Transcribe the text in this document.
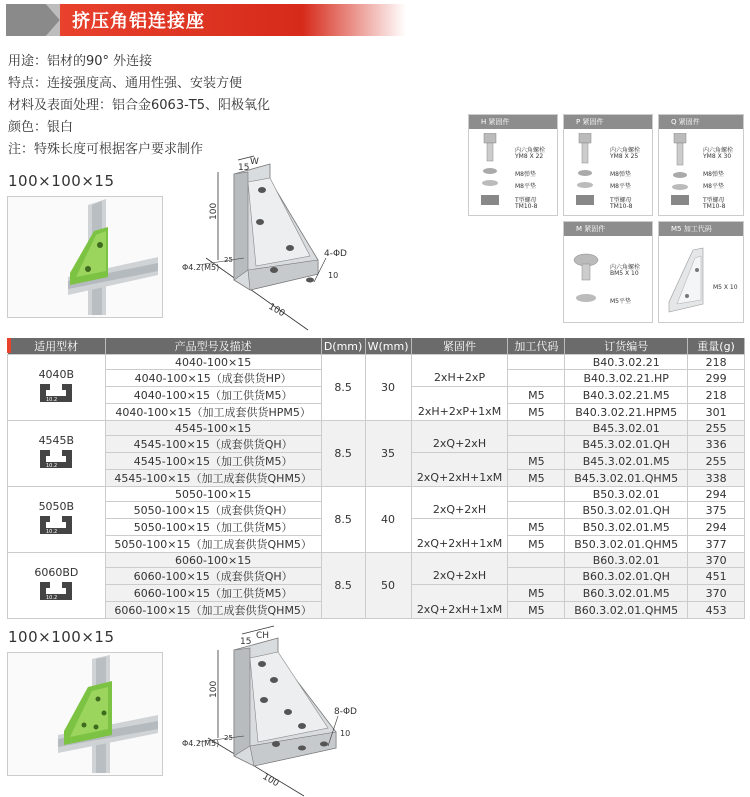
挤压角铝连接座
用途：铝材的90° 外连接
特点：连接强度高、通用性强、安装方便
材料及表面处理：铝合金6063-T5、阳极氧化
颜色：银白
注：特殊长度可根据客户要求制作
100×100×15
15
W
100
100
4-ΦD
Φ4.2(M5)
10
25
H 紧固件
内六角螺栓
YM8 X 22
M8弹垫
M8平垫
T型螺母
TM10-8
P 紧固件
内六角螺栓
YM8 X 25
M8弹垫
M8平垫
T型螺母
TM10-8
Q 紧固件
内六角螺栓
YM8 X 30
M8弹垫
M8平垫
T型螺母
TM10-8
M 紧固件
内六角螺栓
BM5 X 10
M5平垫
M5 加工代码
M5 X 10
适用型材	产品型号及描述	D(mm)	W(mm)	紧固件	加工代码	订货编号	重量(g)

4040B
10.2	4040-100×15	8.5	30			B40.3.02.21	218
	4040-100×15（成套供货HP）			2xH+2xP		B40.3.02.21.HP	299
	4040-100×15（加工供货M5）				M5	B40.3.02.21.M5	218
	4040-100×15（加工成套供货HPM5）			2xH+2xP+1xM	M5	B40.3.02.21.HPM5	301

4545B
10.2	4545-100×15	8.5	35			B45.3.02.01	255
	4545-100×15（成套供货QH）			2xQ+2xH		B45.3.02.01.QH	336
	4545-100×15（加工供货M5）				M5	B45.3.02.01.M5	255
	4545-100×15（加工成套供货QHM5）			2xQ+2xH+1xM	M5	B45.3.02.01.QHM5	338

5050B
10.2	5050-100×15	8.5	40			B50.3.02.01	294
	5050-100×15（成套供货QH）			2xQ+2xH		B50.3.02.01.QH	375
	5050-100×15（加工供货M5）				M5	B50.3.02.01.M5	294
	5050-100×15（加工成套供货QHM5）			2xQ+2xH+1xM	M5	B50.3.02.01.QHM5	377

6060BD
10.2	6060-100×15	8.5	50			B60.3.02.01	370
	6060-100×15（成套供货QH）			2xQ+2xH		B60.3.02.01.QH	451
	6060-100×15（加工供货M5）				M5	B60.3.02.01.M5	370
	6060-100×15（加工成套供货QHM5）			2xQ+2xH+1xM	M5	B60.3.02.01.QHM5	453
100×100×15	15
CH
100
100
8-ΦD
Φ4.2(M5)
10
25
